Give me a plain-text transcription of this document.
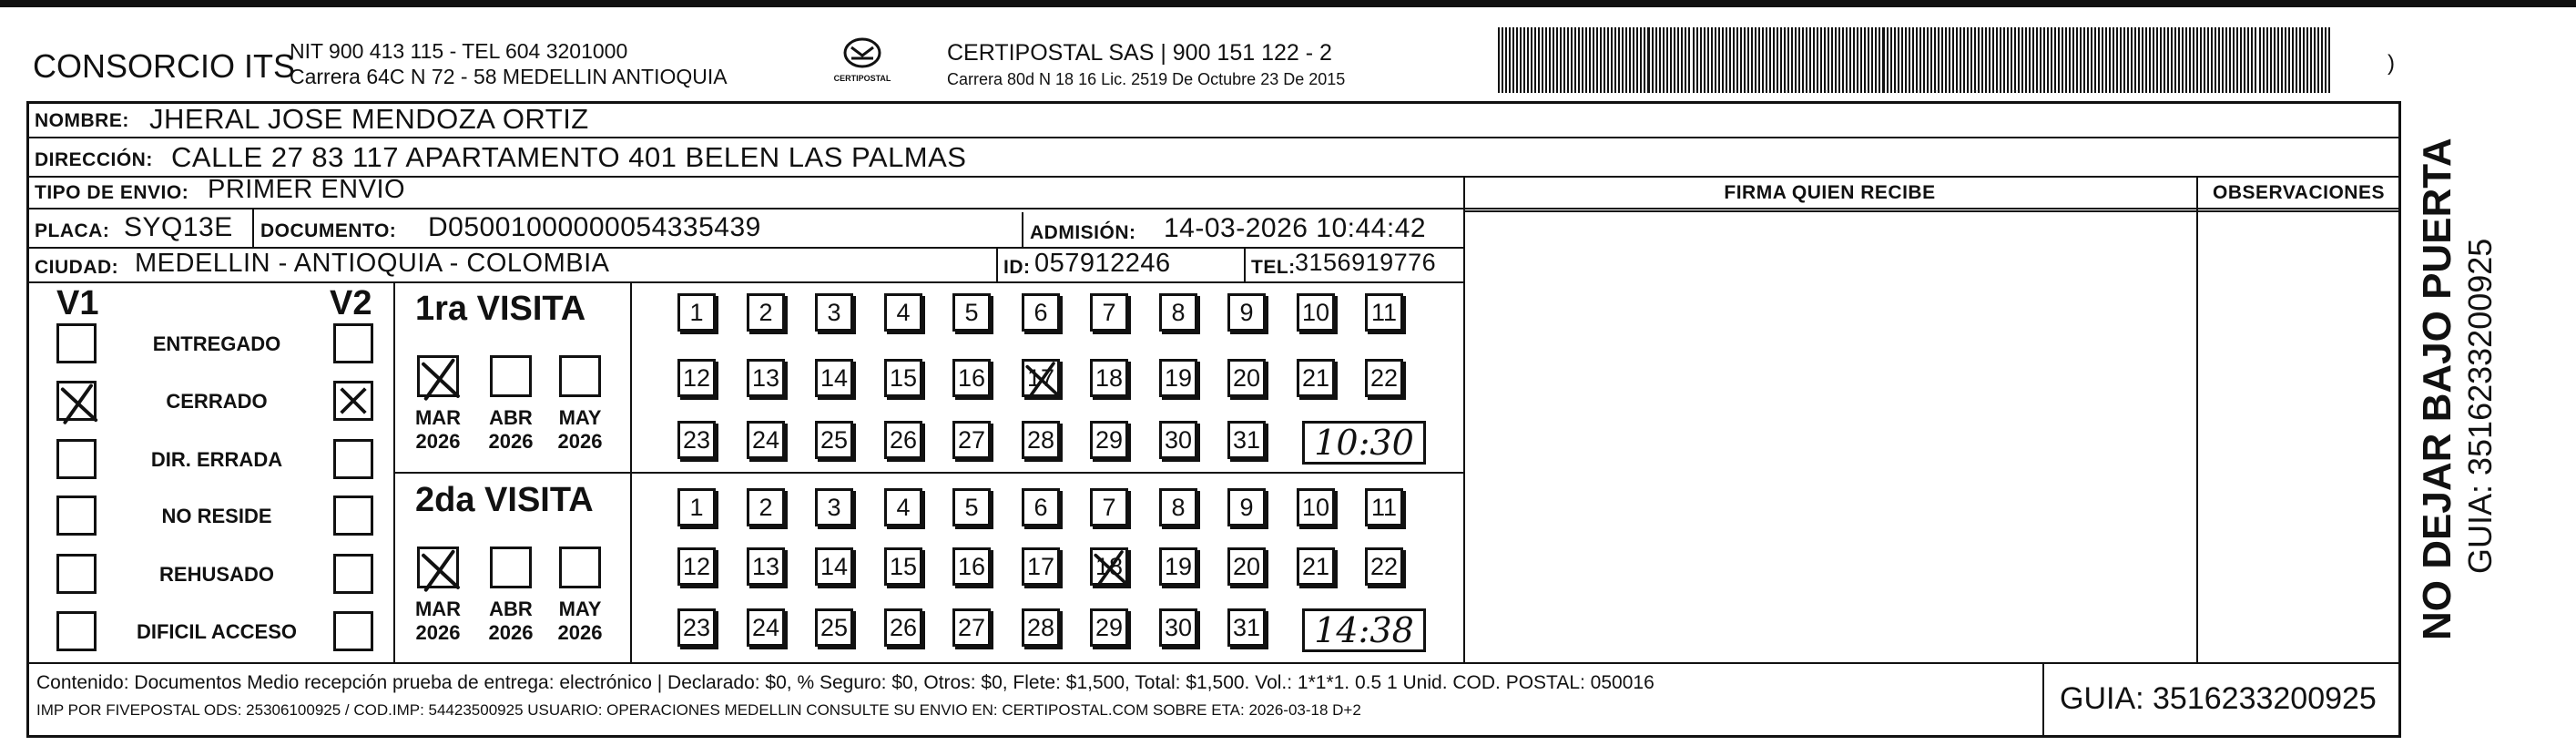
CONSORCIO ITS
NIT 900 413 115 - TEL 604 3201000
Carrera 64C N 72 - 58 MEDELLIN ANTIOQUIA	CERTIPOSTAL
CERTIPOSTAL SAS | 900 151 122 - 2
Carrera 80d N 18 16 Lic. 2519 De Octubre 23 De 2015
)
NOMBRE: JHERAL JOSE MENDOZA ORTIZ
DIRECCIÓN: CALLE 27 83 117 APARTAMENTO 401 BELEN LAS PALMAS
TIPO DE ENVIO: PRIMER ENVIO	FIRMA QUIEN RECIBE	OBSERVACIONES
PLACA: SYQ13E DOCUMENTO: D05001000000054335439	ADMISIÓN: 14-03-2026 10:44:42
CIUDAD: MEDELLIN - ANTIOQUIA - COLOMBIA	ID: 057912246	TEL: 3156919776
V1	V2
ENTREGADO
CERRADO
DIR. ERRADA
NO RESIDE
REHUSADO
DIFICIL ACCESO
1ra VISITA
MAR
2026
ABR
2026
MAY
2026
1	2	3	4	5	6	7	8	9	10 11
12 13 14 15 16 17 18 19 20 21 22
23 24 25 26 27 28 29 30 31	10:30
2da VISITA
MAR
2026
ABR
2026
MAY
2026
1	2	3	4	5	6	7	8	9	10 11
12 13 14 15 16 17 18 19 20 21 22
23 24 25 26 27 28 29 30 31	14:38
Contenido: Documentos Medio recepción prueba de entrega: electrónico | Declarado: $0, % Seguro: $0, Otros: $0, Flete: $1,500, Total: $1,500. Vol.: 1*1*1. 0.5 1 Unid. COD. POSTAL: 050016
IMP POR FIVEPOSTAL ODS: 25306100925 / COD.IMP: 54423500925 USUARIO: OPERACIONES MEDELLIN CONSULTE SU ENVIO EN: CERTIPOSTAL.COM SOBRE ETA: 2026-03-18 D+2	GUIA: 3516233200925
NO DEJAR BAJO PUERTA GUIA: 3516233200925
